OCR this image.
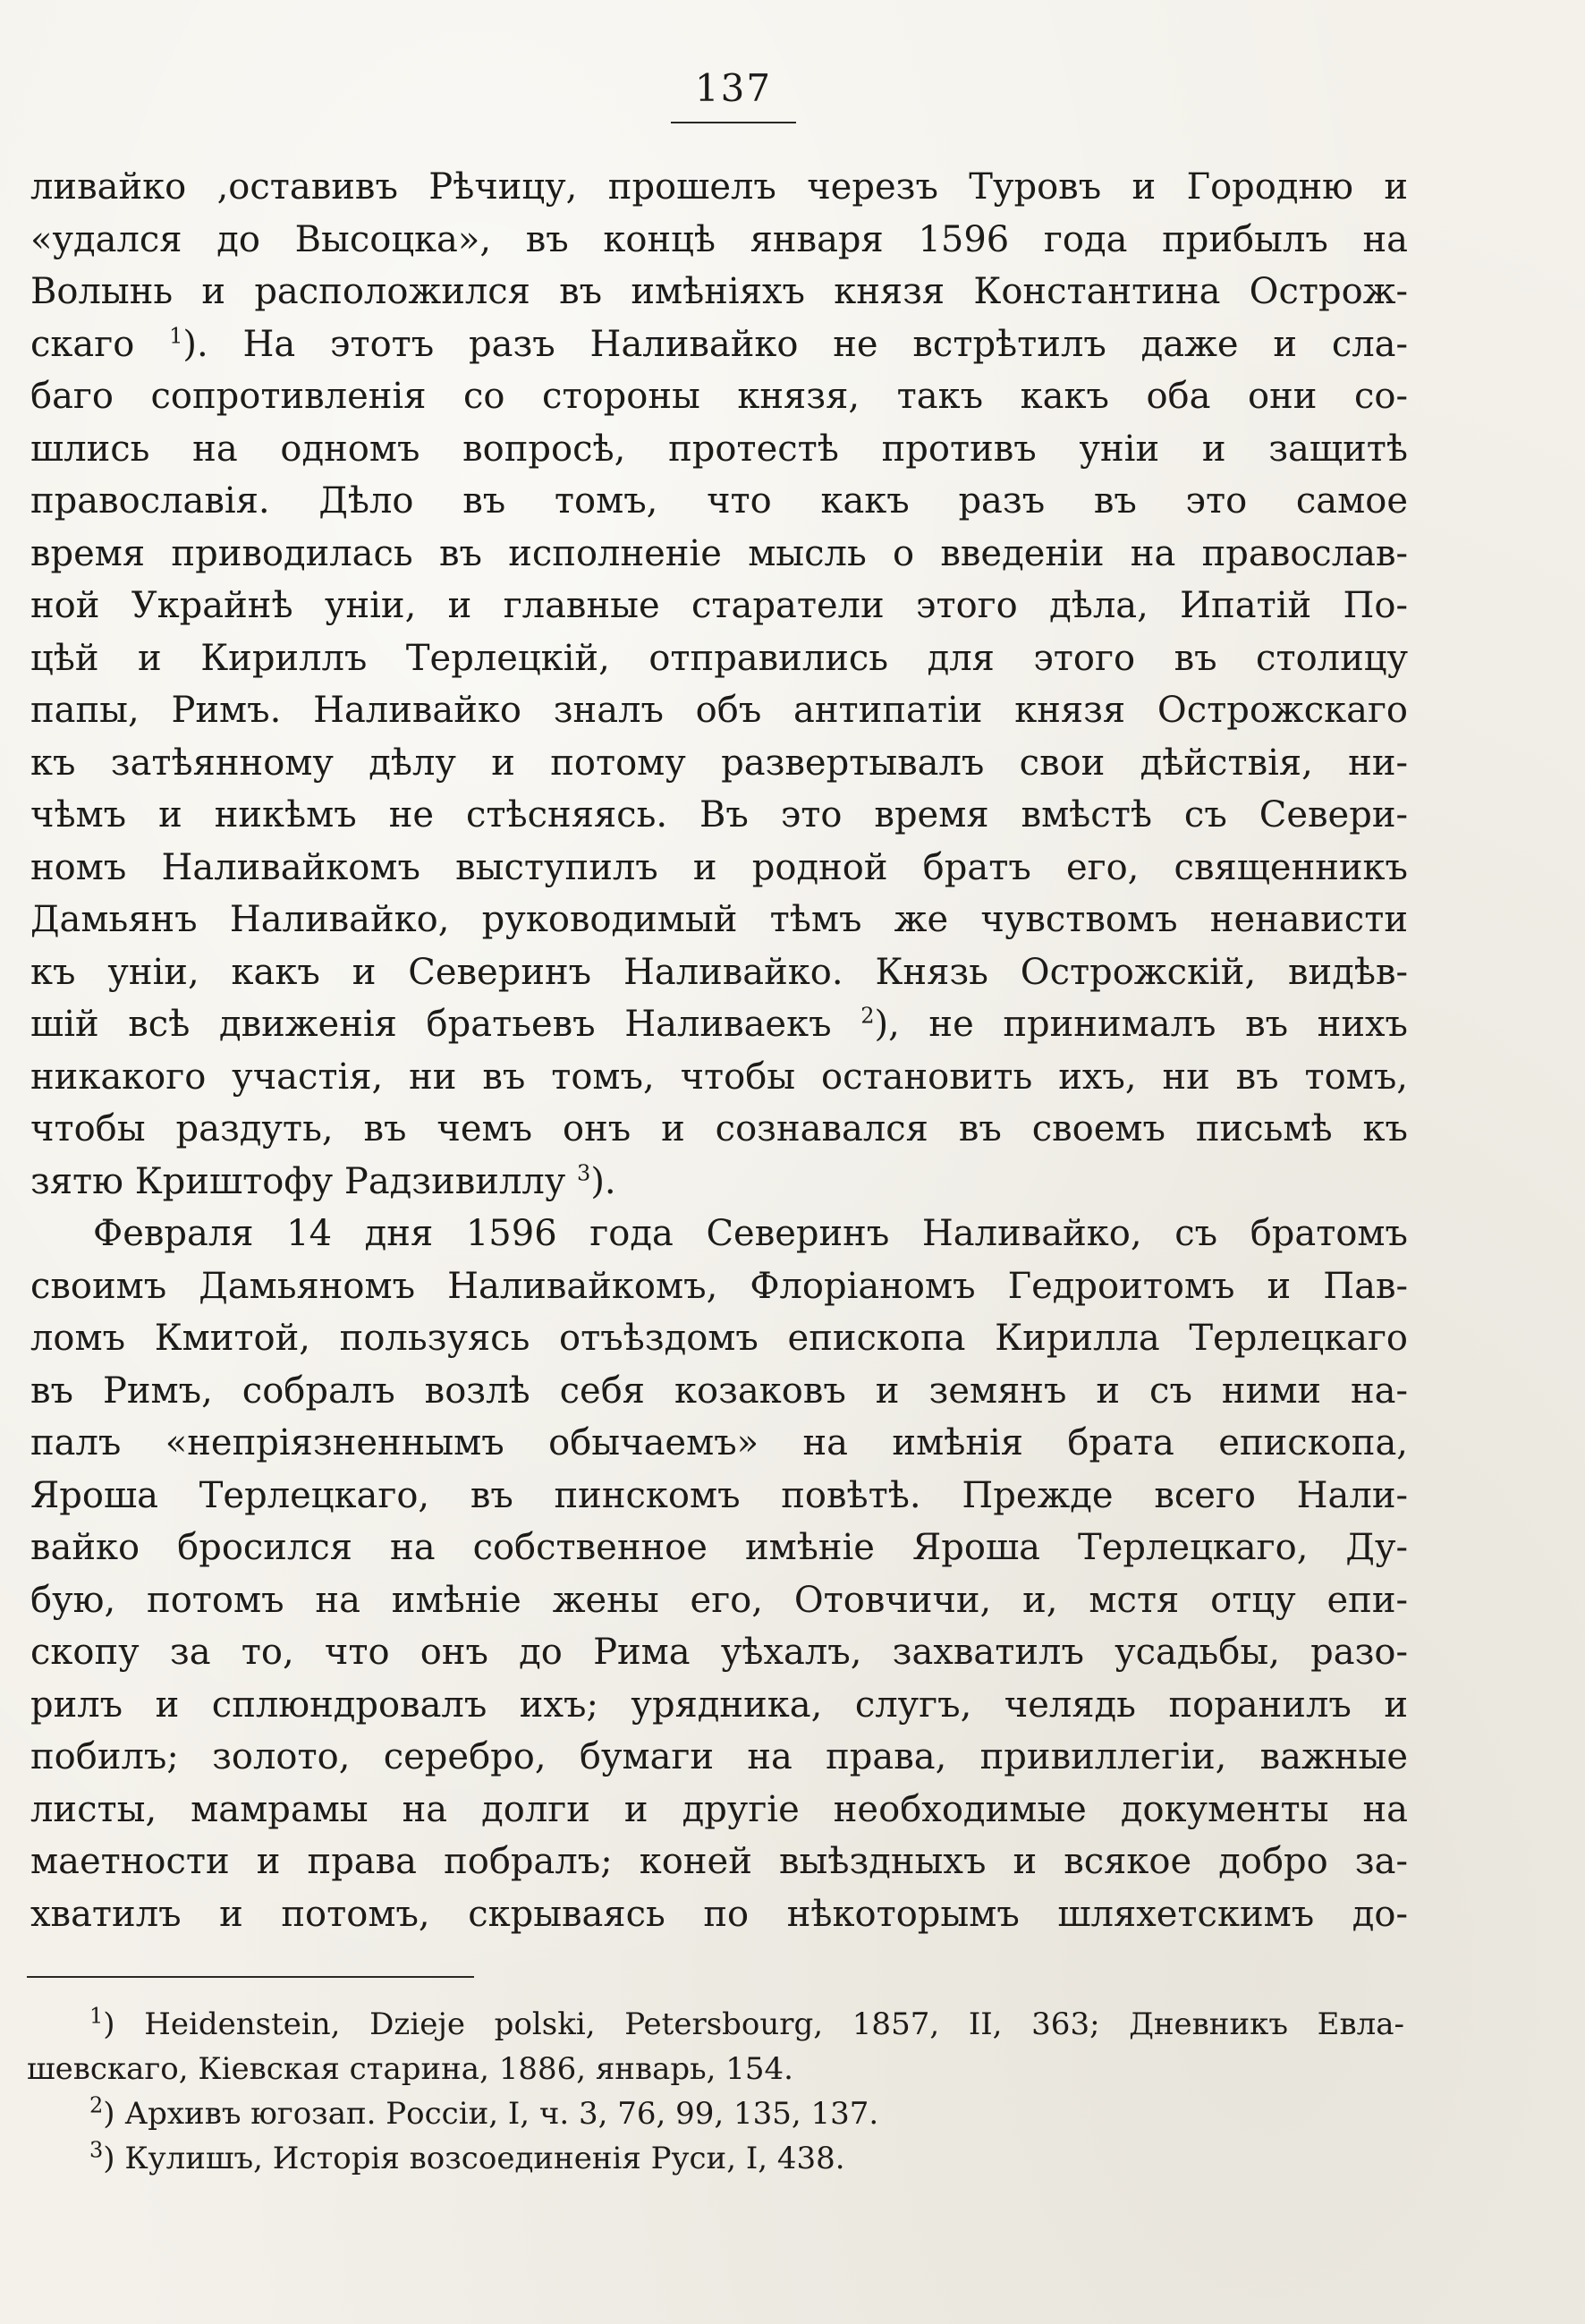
137
ливайко ,оставивъ Рѣчицу, прошелъ черезъ Туровъ и Городню и
«удался до Высоцка», въ концѣ января 1596 года прибылъ на
Волынь и расположился въ имѣніяхъ князя Константина Острож-
скаго $^1$). На этотъ разъ Наливайко не встрѣтилъ даже и сла-
баго сопротивленія со стороны князя, такъ какъ оба они со-
шлись на одномъ вопросѣ, протестѣ противъ уніи и защитѣ
православія. Дѣло въ томъ, что какъ разъ въ это самое
время приводилась въ исполненіе мысль о введеніи на православ-
ной Украйнѣ уніи, и главные старатели этого дѣла, Ипатій По-
цѣй и Кириллъ Терлецкій, отправились для этого въ столицу
папы, Римъ. Наливайко зналъ объ антипатіи князя Острожскаго
къ затѣянному дѣлу и потому развертывалъ свои дѣйствія, ни-
чѣмъ и никѣмъ не стѣсняясь. Въ это время вмѣстѣ съ Севери-
номъ Наливайкомъ выступилъ и родной братъ его, священникъ
Дамьянъ Наливайко, руководимый тѣмъ же чувствомъ ненависти
къ уніи, какъ и Северинъ Наливайко. Князь Острожскій, видѣв-
шій всѣ движенія братьевъ Наливаекъ $^2$), не принималъ въ нихъ
никакого участія, ни въ томъ, чтобы остановить ихъ, ни въ томъ,
чтобы раздуть, въ чемъ онъ и сознавался въ своемъ письмѣ къ
зятю Криштофу Радзивиллу $^3$).
Февраля 14 дня 1596 года Северинъ Наливайко, съ братомъ
своимъ Дамьяномъ Наливайкомъ, Флоріаномъ Гедроитомъ и Пав-
ломъ Кмитой, пользуясь отъѣздомъ епископа Кирилла Терлецкаго
въ Римъ, собралъ возлѣ себя козаковъ и земянъ и съ ними на-
палъ «непріязненнымъ обычаемъ» на имѣнія брата епископа,
Яроша Терлецкаго, въ пинскомъ повѣтѣ. Прежде всего Нали-
вайко бросился на собственное имѣніе Яроша Терлецкаго, Ду-
бую, потомъ на имѣніе жены его, Отовчичи, и, мстя отцу епи-
скопу за то, что онъ до Рима уѣхалъ, захватилъ усадьбы, разо-
рилъ и сплюндровалъ ихъ; урядника, слугъ, челядь поранилъ и
побилъ; золото, серебро, бумаги на права, привиллегіи, важные
листы, мамрамы на долги и другіе необходимые документы на
маетности и права побралъ; коней выѣздныхъ и всякое добро за-
хватилъ и потомъ, скрываясь по нѣкоторымъ шляхетскимъ до-
$^1$) Heidenstein, Dzieje polski, Petersbourg, 1857, II, 363; Дневникъ Евла-
шевскаго, Кіевская старина, 1886, январь, 154.
$^2$) Архивъ югозап. Россіи, I, ч. 3, 76, 99, 135, 137.
$^3$) Кулишъ, Исторія возсоединенія Руси, I, 438.
